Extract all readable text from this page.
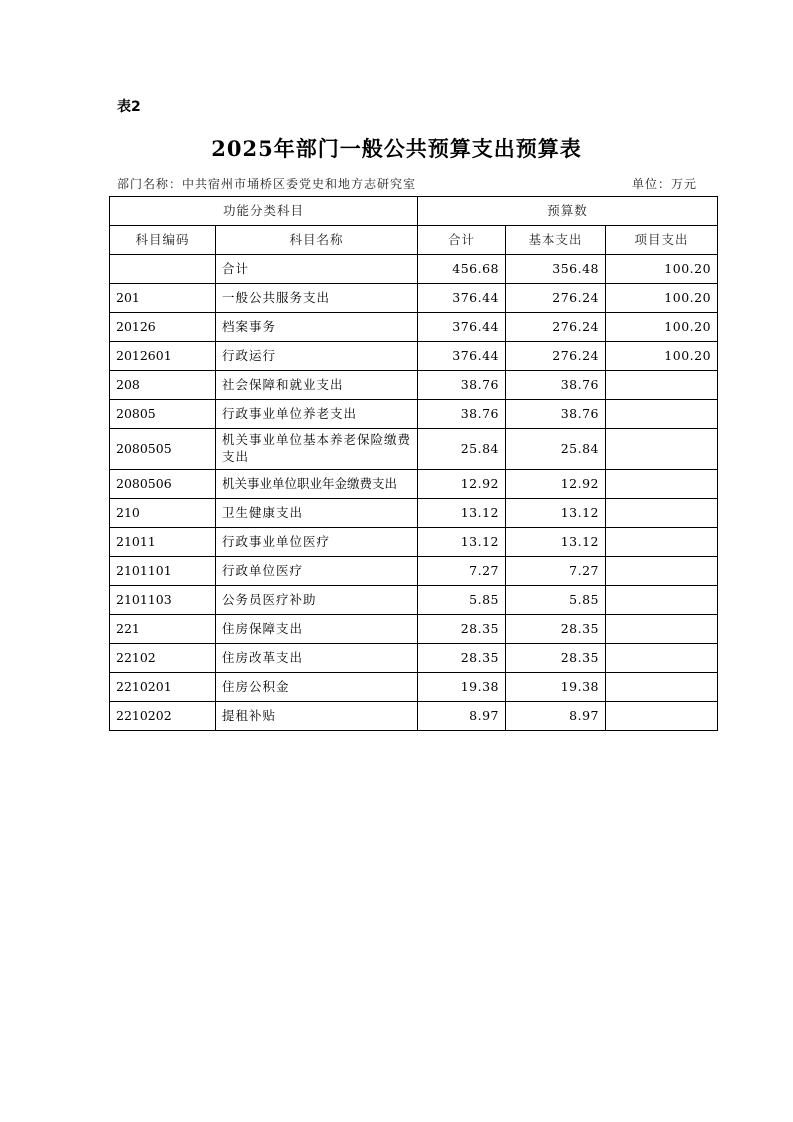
表2
2025年部门一般公共预算支出预算表
部门名称：中共宿州市埇桥区委党史和地方志研究室	单位：万元
功能分类科目		预算数		
科目编码	科目名称	合计	基本支出	项目支出
	合计	456.68	356.48	100.20
201	一般公共服务支出	376.44	276.24	100.20
20126	档案事务	376.44	276.24	100.20
2012601	行政运行	376.44	276.24	100.20
208	社会保障和就业支出	38.76	38.76	
20805	行政事业单位养老支出	38.76	38.76	
2080505	机关事业单位基本养老保险缴费支出	25.84	25.84	
2080506	机关事业单位职业年金缴费支出	12.92	12.92	
210	卫生健康支出	13.12	13.12	
21011	行政事业单位医疗	13.12	13.12	
2101101	行政单位医疗	7.27	7.27	
2101103	公务员医疗补助	5.85	5.85	
221	住房保障支出	28.35	28.35	
22102	住房改革支出	28.35	28.35	
2210201	住房公积金	19.38	19.38	
2210202	提租补贴	8.97	8.97	
